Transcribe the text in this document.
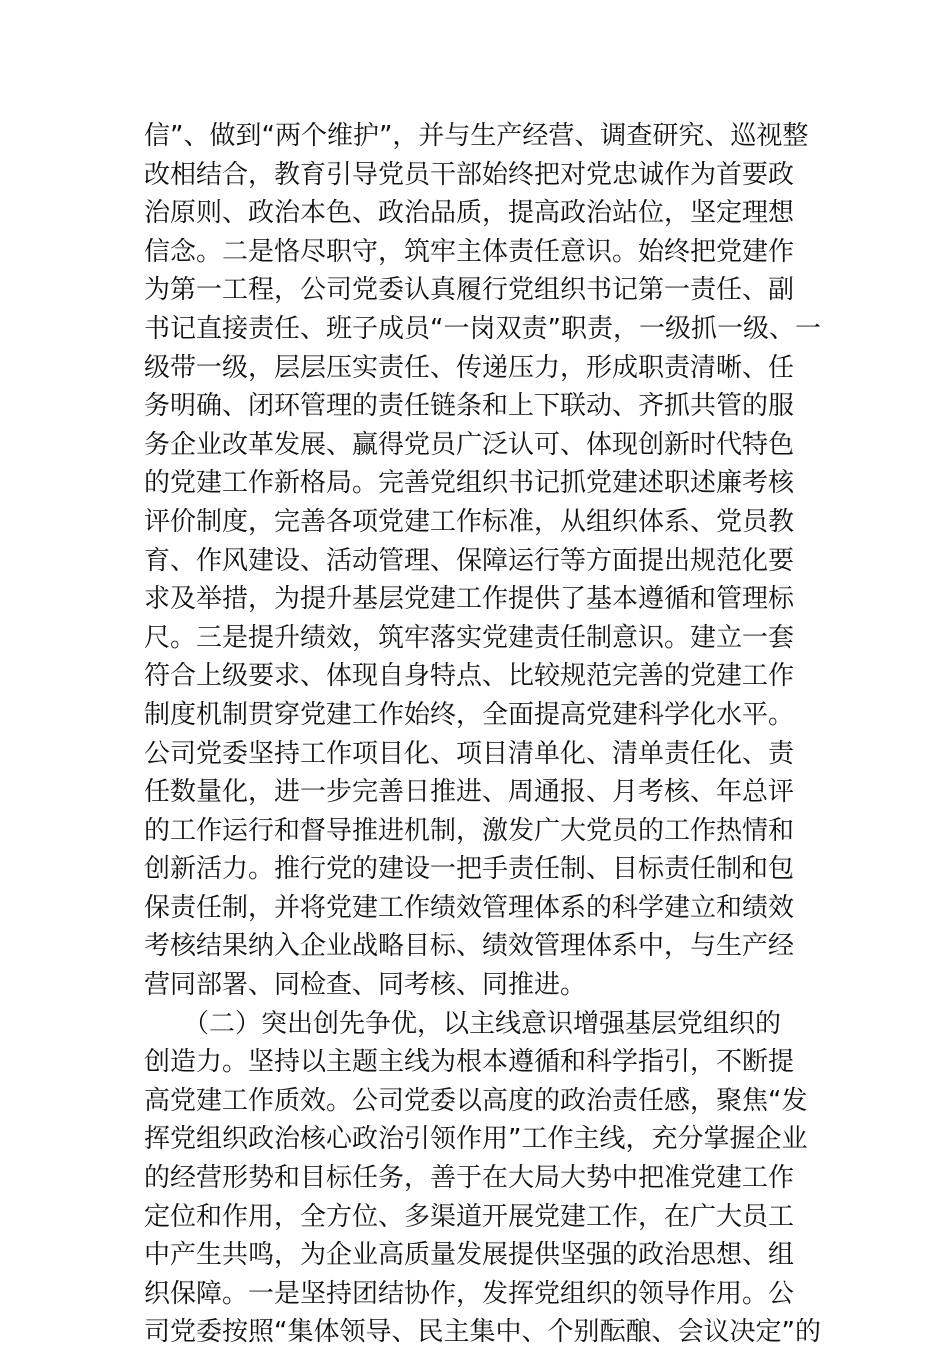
信”、做到“两个维护”，并与生产经营、调查研究、巡视整
改相结合，教育引导党员干部始终把对党忠诚作为首要政
治原则、政治本色、政治品质，提高政治站位，坚定理想
信念。二是恪尽职守，筑牢主体责任意识。始终把党建作
为第一工程，公司党委认真履行党组织书记第一责任、副
书记直接责任、班子成员“一岗双责”职责，一级抓一级、一
级带一级，层层压实责任、传递压力，形成职责清晰、任
务明确、闭环管理的责任链条和上下联动、齐抓共管的服
务企业改革发展、赢得党员广泛认可、体现创新时代特色
的党建工作新格局。完善党组织书记抓党建述职述廉考核
评价制度，完善各项党建工作标准，从组织体系、党员教
育、作风建设、活动管理、保障运行等方面提出规范化要
求及举措，为提升基层党建工作提供了基本遵循和管理标
尺。三是提升绩效，筑牢落实党建责任制意识。建立一套
符合上级要求、体现自身特点、比较规范完善的党建工作
制度机制贯穿党建工作始终，全面提高党建科学化水平。
公司党委坚持工作项目化、项目清单化、清单责任化、责
任数量化，进一步完善日推进、周通报、月考核、年总评
的工作运行和督导推进机制，激发广大党员的工作热情和
创新活力。推行党的建设一把手责任制、目标责任制和包
保责任制，并将党建工作绩效管理体系的科学建立和绩效
考核结果纳入企业战略目标、绩效管理体系中，与生产经
营同部署、同检查、同考核、同推进。
　　（二）突出创先争优，以主线意识增强基层党组织的
创造力。坚持以主题主线为根本遵循和科学指引，不断提
高党建工作质效。公司党委以高度的政治责任感，聚焦“发
挥党组织政治核心政治引领作用”工作主线，充分掌握企业
的经营形势和目标任务，善于在大局大势中把准党建工作
定位和作用，全方位、多渠道开展党建工作，在广大员工
中产生共鸣，为企业高质量发展提供坚强的政治思想、组
织保障。一是坚持团结协作，发挥党组织的领导作用。公
司党委按照“集体领导、民主集中、个别酝酿、会议决定”的
